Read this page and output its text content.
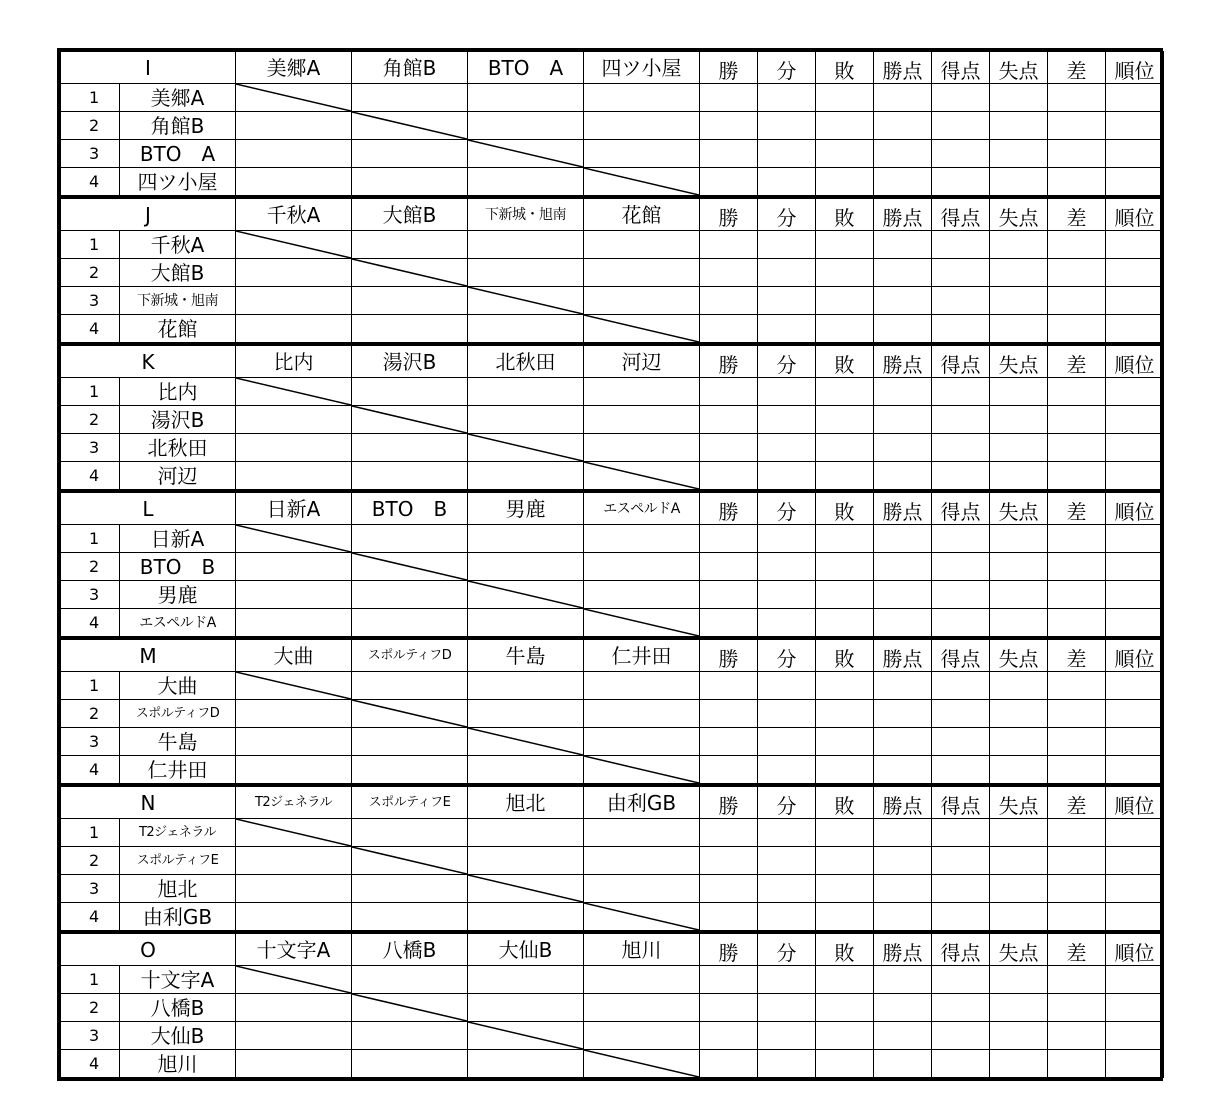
I		美郷A	角館B	BTO　A	四ツ小屋	勝	分	敗	勝点	得点	失点	差	順位
1	美郷A	

2	角館B		

3	BTO　A			

4	四ツ小屋				

J		千秋A	大館B	下新城・旭南	花館	勝	分	敗	勝点	得点	失点	差	順位
1	千秋A	

2	大館B		

3	下新城・旭南			

4	花館				

K		比内	湯沢B	北秋田	河辺	勝	分	敗	勝点	得点	失点	差	順位
1	比内	

2	湯沢B		

3	北秋田			

4	河辺				

L		日新A	BTO　B	男鹿	エスペルドA	勝	分	敗	勝点	得点	失点	差	順位
1	日新A	

2	BTO　B		

3	男鹿			

4	エスペルドA				

M		大曲	スポルティフD	牛島	仁井田	勝	分	敗	勝点	得点	失点	差	順位
1	大曲	

2	スポルティフD		

3	牛島			

4	仁井田				

N		T2ジェネラル	スポルティフE	旭北	由利GB	勝	分	敗	勝点	得点	失点	差	順位
1	T2ジェネラル	

2	スポルティフE		

3	旭北			

4	由利GB				

O		十文字A	八橋B	大仙B	旭川	勝	分	敗	勝点	得点	失点	差	順位
1	十文字A	

2	八橋B		

3	大仙B			

4	旭川				
